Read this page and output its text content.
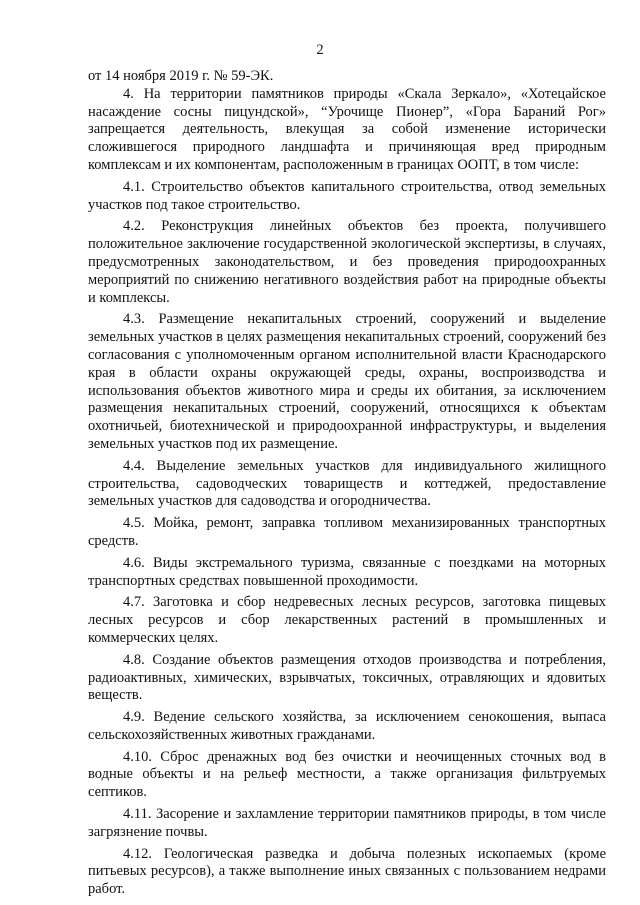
2

от 14 ноября 2019 г. № 59-ЭК.

4. На территории памятников природы «Скала Зеркало», «Хотецайское насаждение сосны пицундской», “Урочище Пионер”, «Гора Бараний Рог» запрещается деятельность, влекущая за собой изменение исторически сложившегося природного ландшафта и причиняющая вред природным комплексам и их компонентам, расположенным в границах ООПТ, в том числе:

4.1. Строительство объектов капитального строительства, отвод земельных участков под такое строительство.

4.2. Реконструкция линейных объектов без проекта, получившего положительное заключение государственной экологической экспертизы, в случаях, предусмотренных законодательством, и без проведения природоохранных мероприятий по снижению негативного воздействия работ на природные объекты и комплексы.

4.3. Размещение некапитальных строений, сооружений и выделение земельных участков в целях размещения некапитальных строений, сооружений без согласования с уполномоченным органом исполнительной власти Краснодарского края в области охраны окружающей среды, охраны, воспроизводства и использования объектов животного мира и среды их обитания, за исключением размещения некапитальных строений, сооружений, относящихся к объектам охотничьей, биотехнической и природоохранной инфраструктуры, и выделения земельных участков под их размещение.

4.4. Выделение земельных участков для индивидуального жилищного строительства, садоводческих товариществ и коттеджей, предоставление земельных участков для садоводства и огородничества.

4.5. Мойка, ремонт, заправка топливом механизированных транспортных средств.

4.6. Виды экстремального туризма, связанные с поездками на моторных транспортных средствах повышенной проходимости.

4.7. Заготовка и сбор недревесных лесных ресурсов, заготовка пищевых лесных ресурсов и сбор лекарственных растений в промышленных и коммерческих целях.

4.8. Создание объектов размещения отходов производства и потребления, радиоактивных, химических, взрывчатых, токсичных, отравляющих и ядовитых веществ.

4.9. Ведение сельского хозяйства, за исключением сенокошения, выпаса сельскохозяйственных животных гражданами.

4.10. Сброс дренажных вод без очистки и неочищенных сточных вод в водные объекты и на рельеф местности, а также организация фильтруемых септиков.

4.11. Засорение и захламление территории памятников природы, в том числе загрязнение почвы.

4.12. Геологическая разведка и добыча полезных ископаемых (кроме питьевых ресурсов), а также выполнение иных связанных с пользованием недрами работ.
